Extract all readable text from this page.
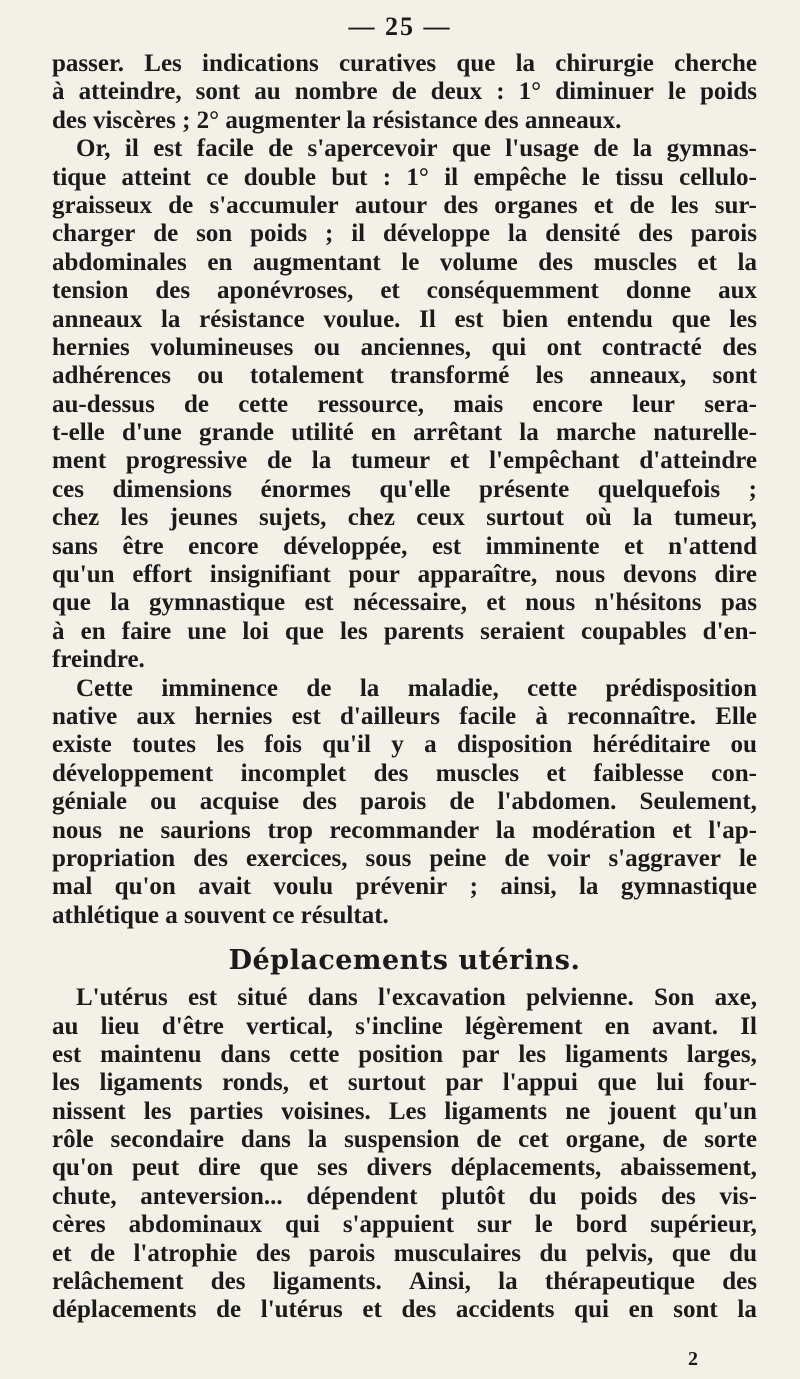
— 25 —
passer. Les indications curatives que la chirurgie cherche
à atteindre, sont au nombre de deux : 1° diminuer le poids
des viscères ; 2° augmenter la résistance des anneaux.
Or, il est facile de s'apercevoir que l'usage de la gymnas-
tique atteint ce double but : 1° il empêche le tissu cellulo-
graisseux de s'accumuler autour des organes et de les sur-
charger de son poids ; il développe la densité des parois
abdominales en augmentant le volume des muscles et la
tension des aponévroses, et conséquemment donne aux
anneaux la résistance voulue. Il est bien entendu que les
hernies volumineuses ou anciennes, qui ont contracté des
adhérences ou totalement transformé les anneaux, sont
au-dessus de cette ressource, mais encore leur sera-
t-elle d'une grande utilité en arrêtant la marche naturelle-
ment progressive de la tumeur et l'empêchant d'atteindre
ces dimensions énormes qu'elle présente quelquefois ;
chez les jeunes sujets, chez ceux surtout où la tumeur,
sans être encore développée, est imminente et n'attend
qu'un effort insignifiant pour apparaître, nous devons dire
que la gymnastique est nécessaire, et nous n'hésitons pas
à en faire une loi que les parents seraient coupables d'en-
freindre.
Cette imminence de la maladie, cette prédisposition
native aux hernies est d'ailleurs facile à reconnaître. Elle
existe toutes les fois qu'il y a disposition héréditaire ou
développement incomplet des muscles et faiblesse con-
géniale ou acquise des parois de l'abdomen. Seulement,
nous ne saurions trop recommander la modération et l'ap-
propriation des exercices, sous peine de voir s'aggraver le
mal qu'on avait voulu prévenir ; ainsi, la gymnastique
athlétique a souvent ce résultat.
Déplacements utérins.
L'utérus est situé dans l'excavation pelvienne. Son axe,
au lieu d'être vertical, s'incline légèrement en avant. Il
est maintenu dans cette position par les ligaments larges,
les ligaments ronds, et surtout par l'appui que lui four-
nissent les parties voisines. Les ligaments ne jouent qu'un
rôle secondaire dans la suspension de cet organe, de sorte
qu'on peut dire que ses divers déplacements, abaissement,
chute, anteversion... dépendent plutôt du poids des vis-
cères abdominaux qui s'appuient sur le bord supérieur,
et de l'atrophie des parois musculaires du pelvis, que du
relâchement des ligaments. Ainsi, la thérapeutique des
déplacements de l'utérus et des accidents qui en sont la
2
